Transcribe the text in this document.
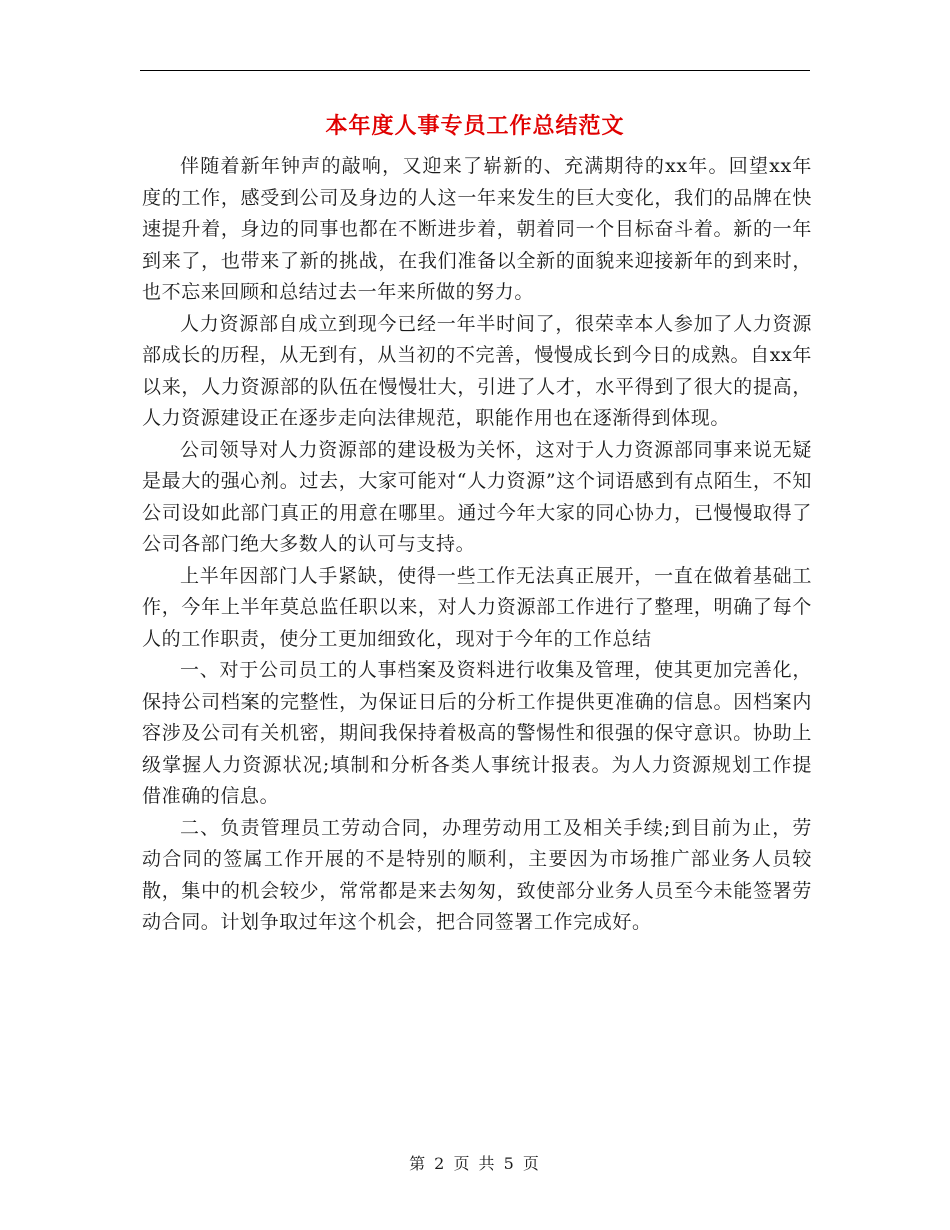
本年度人事专员工作总结范文

伴随着新年钟声的敲响，又迎来了崭新的、充满期待的xx年。回望xx年度的工作，感受到公司及身边的人这一年来发生的巨大变化，我们的品牌在快速提升着，身边的同事也都在不断进步着，朝着同一个目标奋斗着。新的一年到来了，也带来了新的挑战，在我们准备以全新的面貌来迎接新年的到来时，也不忘来回顾和总结过去一年来所做的努力。

人力资源部自成立到现今已经一年半时间了，很荣幸本人参加了人力资源部成长的历程，从无到有，从当初的不完善，慢慢成长到今日的成熟。自xx年以来，人力资源部的队伍在慢慢壮大，引进了人才，水平得到了很大的提高，人力资源建设正在逐步走向法律规范，职能作用也在逐渐得到体现。

公司领导对人力资源部的建设极为关怀，这对于人力资源部同事来说无疑是最大的强心剂。过去，大家可能对“人力资源”这个词语感到有点陌生，不知公司设如此部门真正的用意在哪里。通过今年大家的同心协力，已慢慢取得了公司各部门绝大多数人的认可与支持。

上半年因部门人手紧缺，使得一些工作无法真正展开，一直在做着基础工作，今年上半年莫总监任职以来，对人力资源部工作进行了整理，明确了每个人的工作职责，使分工更加细致化，现对于今年的工作总结

一、对于公司员工的人事档案及资料进行收集及管理，使其更加完善化，保持公司档案的完整性，为保证日后的分析工作提供更准确的信息。因档案内容涉及公司有关机密，期间我保持着极高的警惕性和很强的保守意识。协助上级掌握人力资源状况;填制和分析各类人事统计报表。为人力资源规划工作提借准确的信息。

二、负责管理员工劳动合同，办理劳动用工及相关手续;到目前为止，劳动合同的签属工作开展的不是特别的顺利，主要因为市场推广部业务人员较散，集中的机会较少，常常都是来去匆匆，致使部分业务人员至今未能签署劳动合同。计划争取过年这个机会，把合同签署工作完成好。

第 2 页 共 5 页
